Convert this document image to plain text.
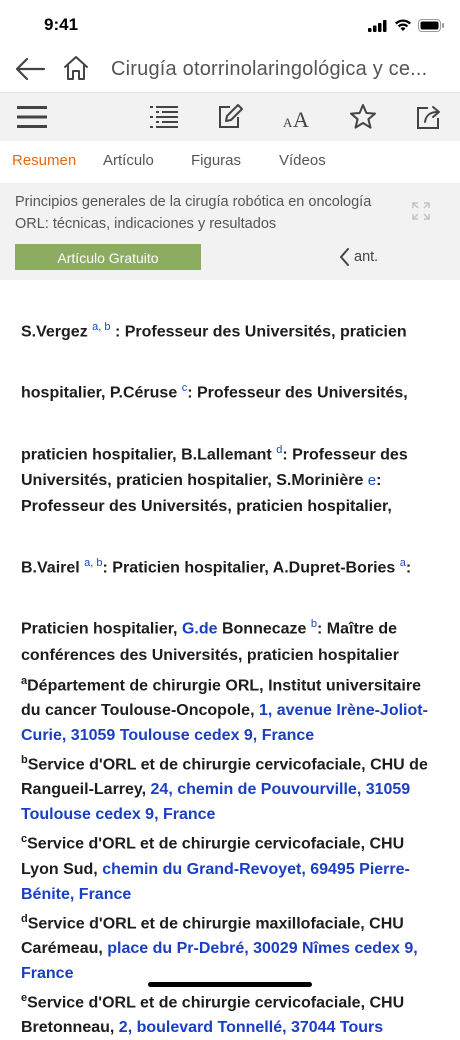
9:41
Cirugía otorrinolaringológica y ce...
A A
Resumen Artículo Figuras	Vídeos
Principios generales de la cirugía robótica en oncología ORL: técnicas, indicaciones y resultados
Artículo Gratuito	ant.
S.Vergez $^{a, b}$ : Professeur des Universités, praticien
hospitalier, P.Céruse $^c$: Professeur des Universités,
praticien hospitalier, B.Lallemant $^d$: Professeur des
Universités, praticien hospitalier, S.Morinière e:
Professeur des Universités, praticien hospitalier,
B.Vairel $^{a, b}$: Praticien hospitalier, A.Dupret-Bories $^a$:
Praticien hospitalier, G.de Bonnecaze $^b$: Maître de
conférences des Universités, praticien hospitalier
$^a$Département de chirurgie ORL, Institut universitaire du cancer Toulouse-Oncopole, 1, avenue Irène-Joliot-Curie, 31059 Toulouse cedex 9, France
$^b$Service d'ORL et de chirurgie cervicofaciale, CHU de Rangueil-Larrey, 24, chemin de Pouvourville, 31059 Toulouse cedex 9, France
$^c$Service d'ORL et de chirurgie cervicofaciale, CHU Lyon Sud, chemin du Grand-Revoyet, 69495 Pierre-Bénite, France
$^d$Service d'ORL et de chirurgie maxillofaciale, CHU Carémeau, place du Pr-Debré, 30029 Nîmes cedex 9, France
$^e$Service d'ORL et de chirurgie cervicofaciale, CHU Bretonneau, 2, boulevard Tonnellé, 37044 Tours
